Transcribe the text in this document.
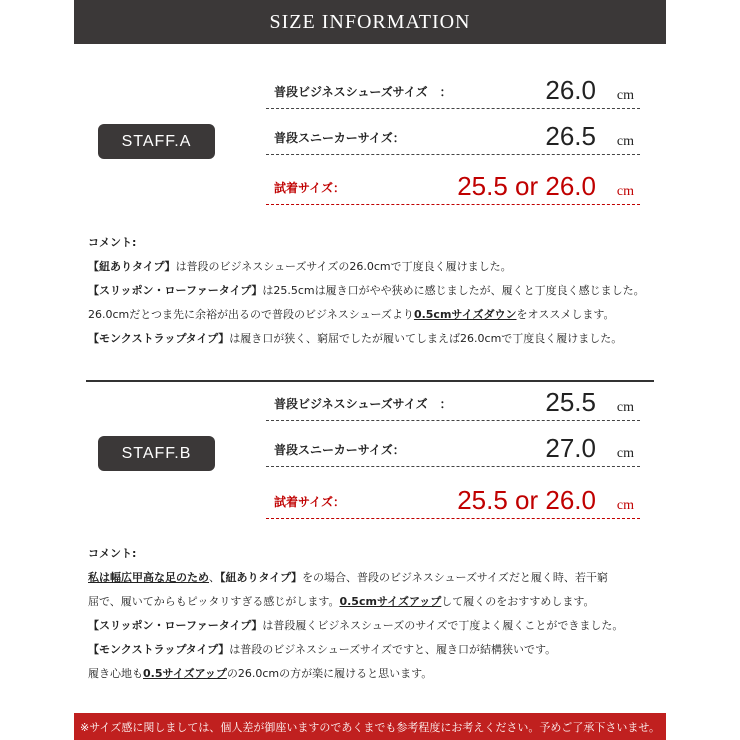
SIZE INFORMATION
STAFF.A
普段ビジネスシューズサイズ　：	26.0 cm
普段スニーカーサイズ：	26.5 cm
試着サイズ：	25.5 or 26.0 cm
コメント:
【紐ありタイプ】は普段のビジネスシューズサイズの26.0cmで丁度良く履けました。
【スリッポン・ローファータイプ】は25.5cmは履き口がやや狭めに感じましたが、履くと丁度良く感じました。
26.0cmだとつま先に余裕が出るので普段のビジネスシューズより0.5cmサイズダウンをオススメします。
【モンクストラップタイプ】は履き口が狭く、窮屈でしたが履いてしまえば26.0cmで丁度良く履けました。
STAFF.B
普段ビジネスシューズサイズ　：	25.5 cm
普段スニーカーサイズ：	27.0 cm
試着サイズ：	25.5 or 26.0 cm
コメント:
私は幅広甲高な足のため、【紐ありタイプ】をの場合、普段のビジネスシューズサイズだと履く時、若干窮
屈で、履いてからもピッタリすぎる感じがします。0.5cmサイズアップして履くのをおすすめします。
【スリッポン・ローファータイプ】は普段履くビジネスシューズのサイズで丁度よく履くことができました。
【モンクストラップタイプ】は普段のビジネスシューズサイズですと、履き口が結構狭いです。
履き心地も0.5サイズアップの26.0cmの方が楽に履けると思います。
※サイズ感に関しましては、個人差が御座いますのであくまでも参考程度にお考えください。予めご了承下さいませ。
